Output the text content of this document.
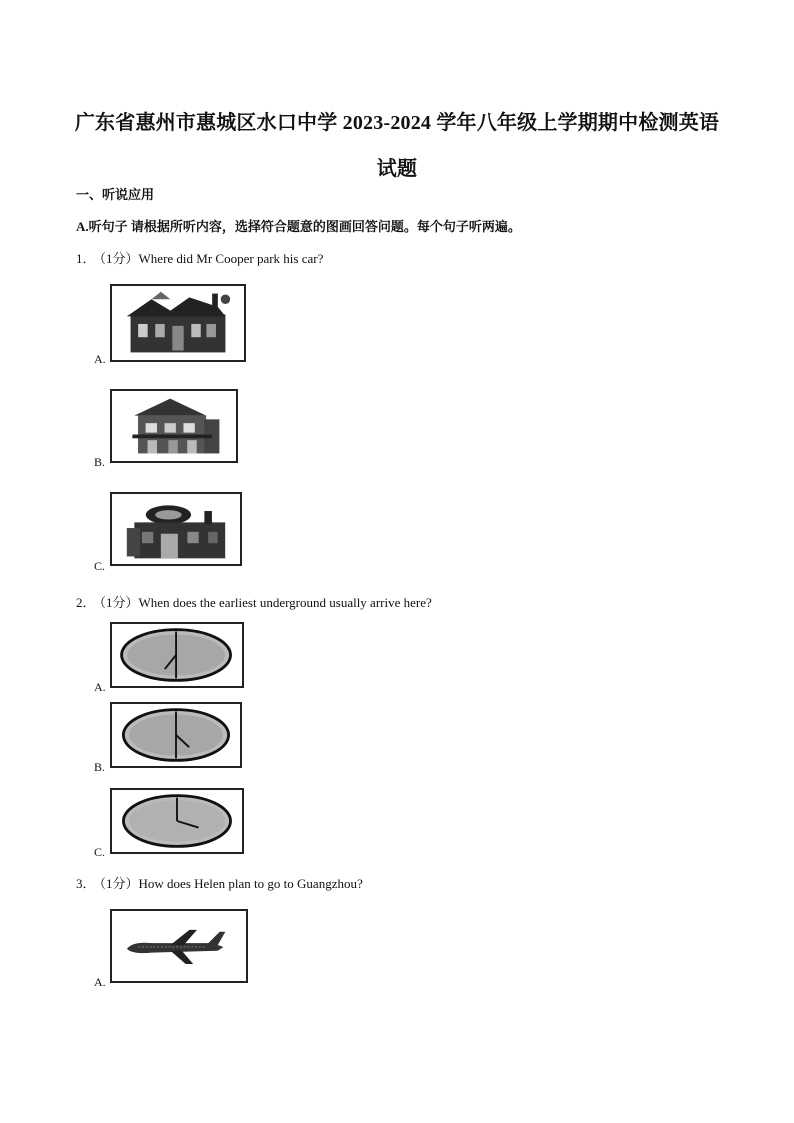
广东省惠州市惠城区水口中学 2023-2024 学年八年级上学期期中检测英语
试题
一、听说应用
A.听句子 请根据所听内容，选择符合题意的图画回答问题。每个句子听两遍。
1． （1分）Where did Mr Cooper park his car?
A.
B.
C.
2． （1分）When does the earliest underground usually arrive here?
A.
B.
C.
3． （1分）How does Helen plan to go to Guangzhou?
A.
